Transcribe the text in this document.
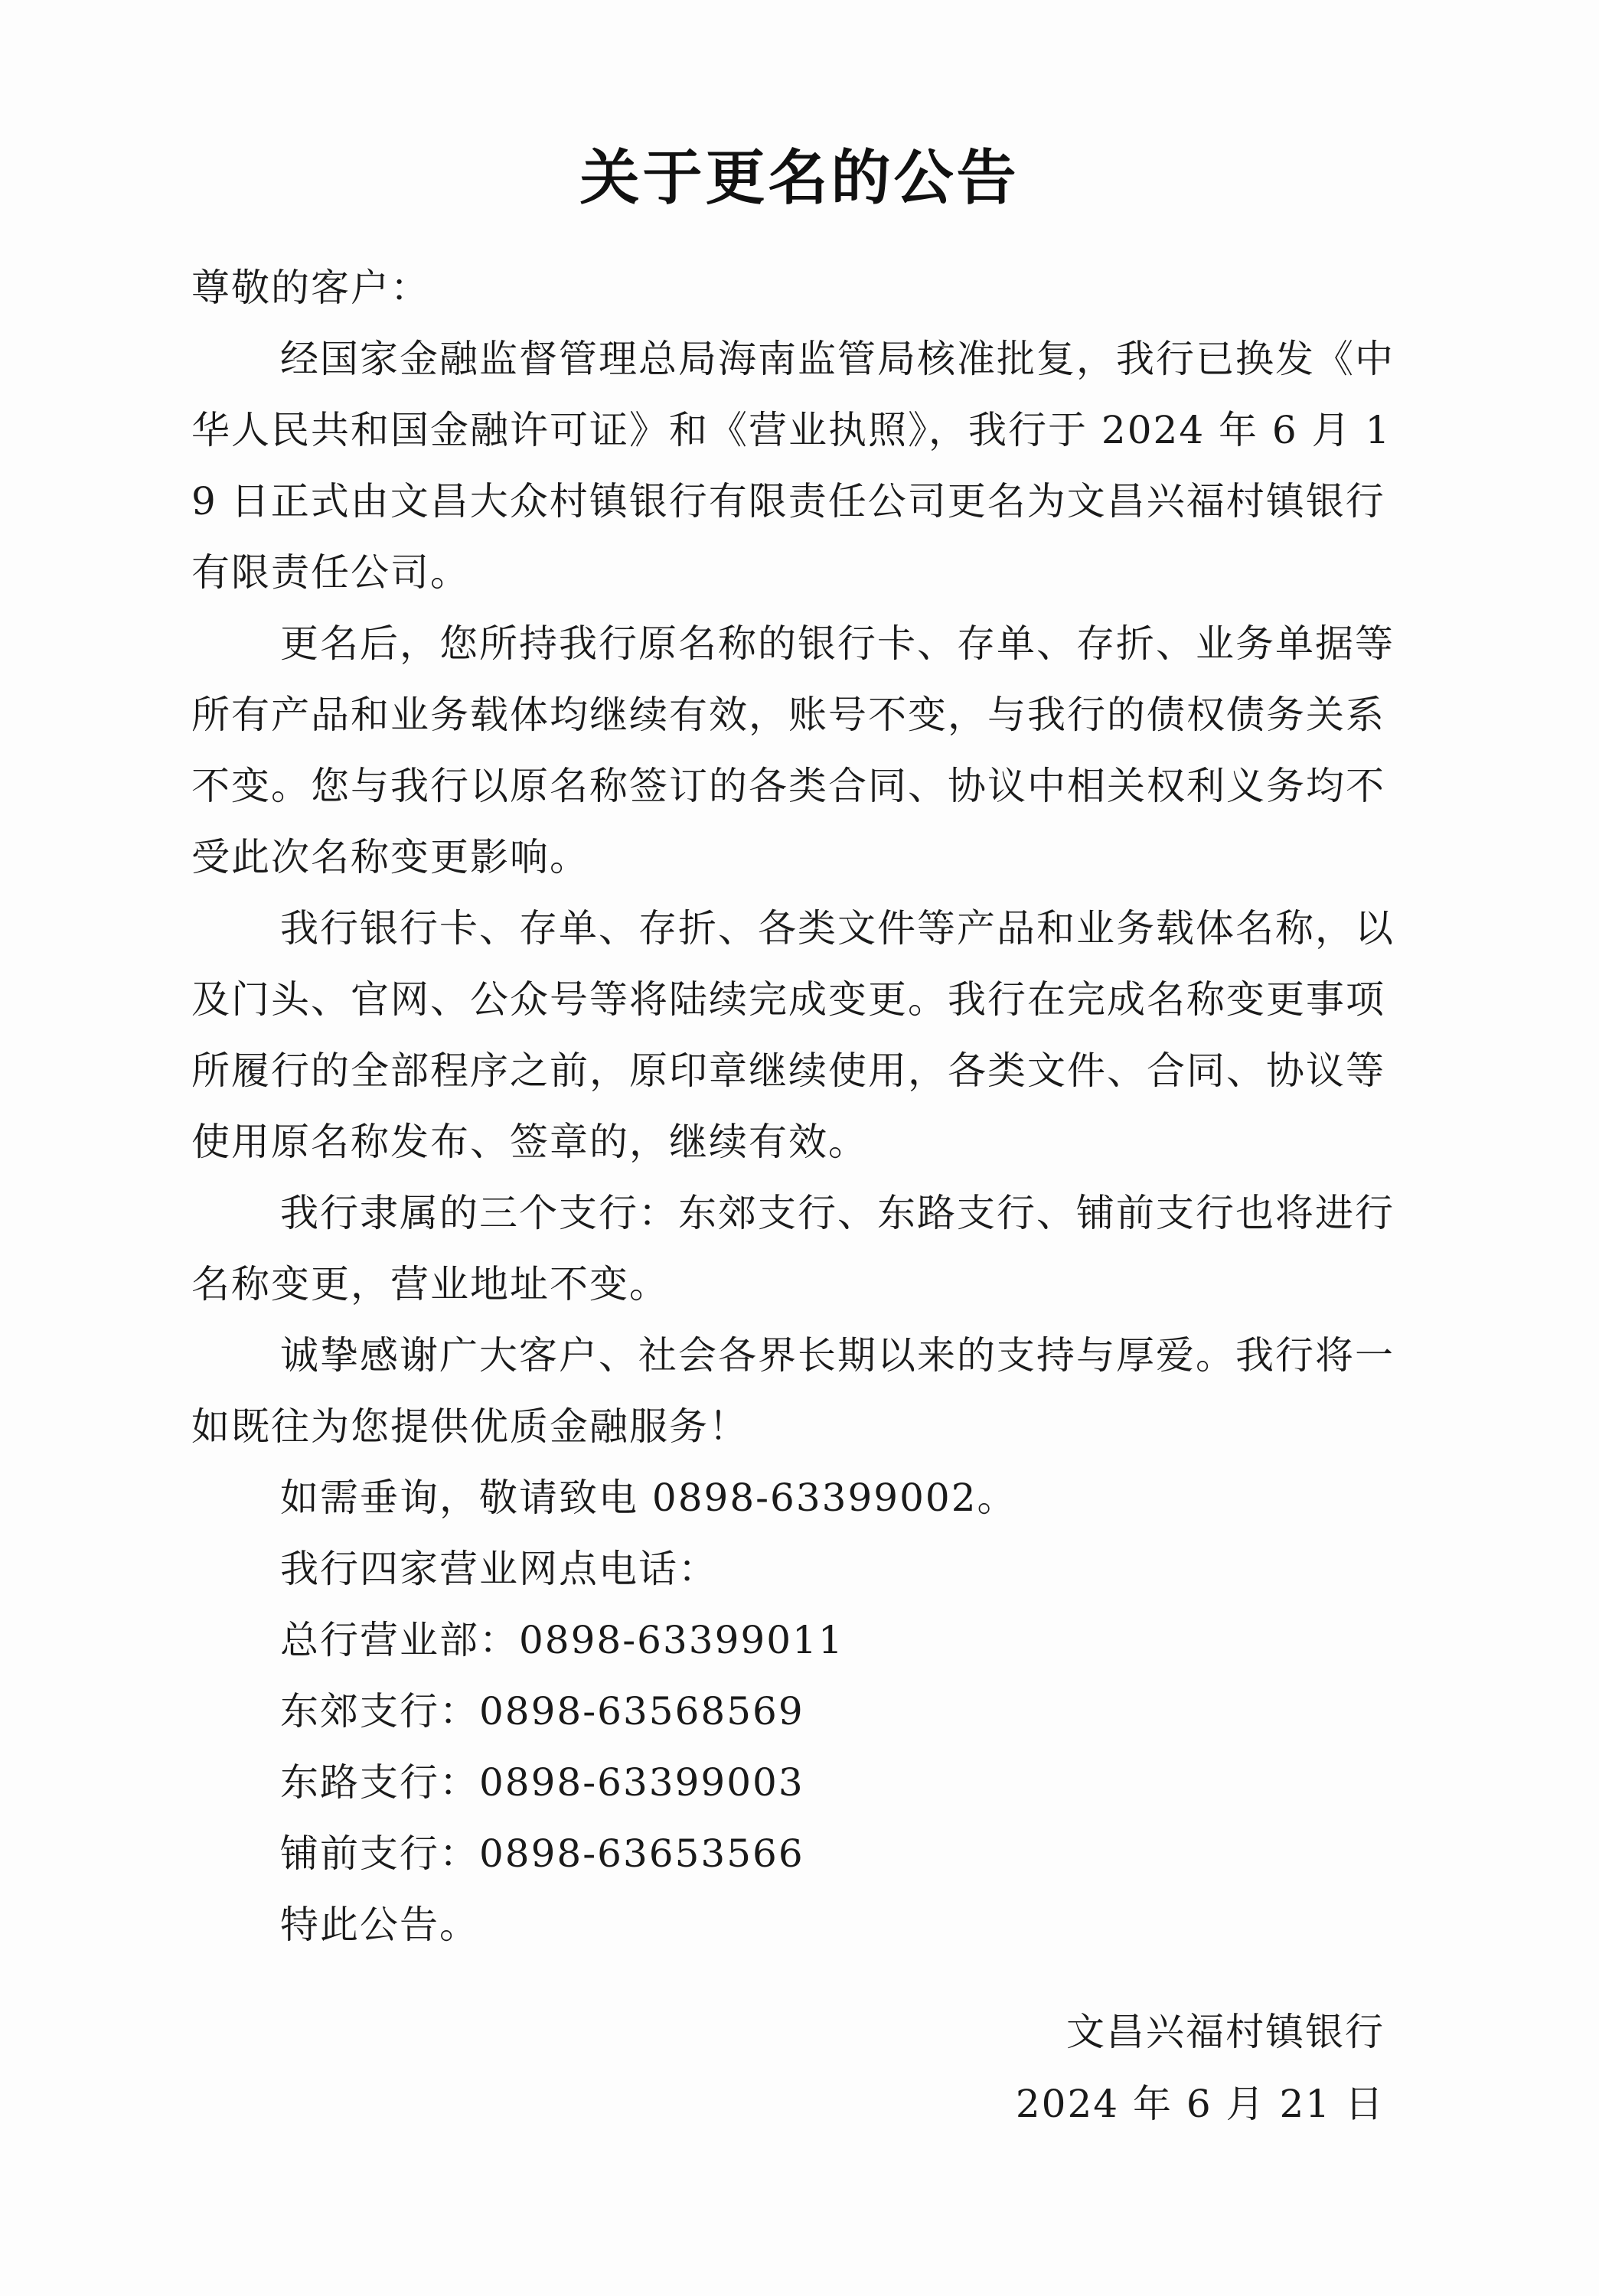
关于更名的公告

尊敬的客户：

经国家金融监督管理总局海南监管局核准批复，我行已换发《中华人民共和国金融许可证》和《营业执照》，我行于 2024 年 6 月 19 日正式由文昌大众村镇银行有限责任公司更名为文昌兴福村镇银行有限责任公司。

更名后，您所持我行原名称的银行卡、存单、存折、业务单据等所有产品和业务载体均继续有效，账号不变，与我行的债权债务关系不变。您与我行以原名称签订的各类合同、协议中相关权利义务均不受此次名称变更影响。

我行银行卡、存单、存折、各类文件等产品和业务载体名称，以及门头、官网、公众号等将陆续完成变更。我行在完成名称变更事项所履行的全部程序之前，原印章继续使用，各类文件、合同、协议等使用原名称发布、签章的，继续有效。

我行隶属的三个支行：东郊支行、东路支行、铺前支行也将进行名称变更，营业地址不变。

诚挚感谢广大客户、社会各界长期以来的支持与厚爱。我行将一如既往为您提供优质金融服务！

如需垂询，敬请致电 0898-63399002。

我行四家营业网点电话：

总行营业部：0898-63399011

东郊支行：0898-63568569

东路支行：0898-63399003

铺前支行：0898-63653566

特此公告。

文昌兴福村镇银行
2024 年 6 月 21 日
